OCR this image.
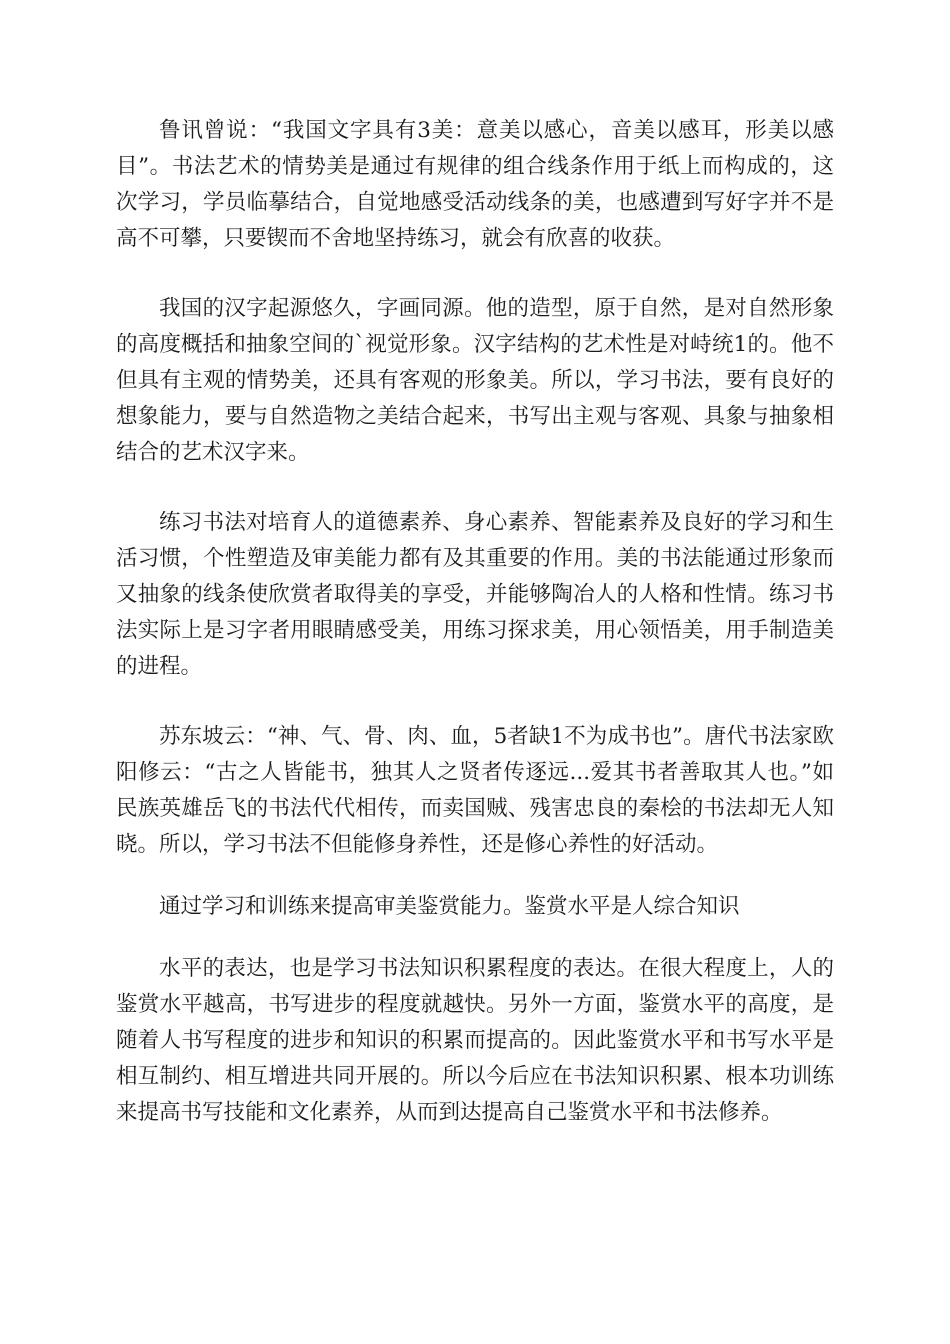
鲁讯曾说：“我国文字具有3美：意美以感心，音美以感耳，形美以感目”。书法艺术的情势美是通过有规律的组合线条作用于纸上而构成的，这次学习，学员临摹结合，自觉地感受活动线条的美，也感遭到写好字并不是高不可攀，只要锲而不舍地坚持练习，就会有欣喜的收获。

我国的汉字起源悠久，字画同源。他的造型，原于自然，是对自然形象的高度概括和抽象空间的`视觉形象。汉字结构的艺术性是对峙统1的。他不但具有主观的情势美，还具有客观的形象美。所以，学习书法，要有良好的想象能力，要与自然造物之美结合起来，书写出主观与客观、具象与抽象相结合的艺术汉字来。

练习书法对培育人的道德素养、身心素养、智能素养及良好的学习和生活习惯，个性塑造及审美能力都有及其重要的作用。美的书法能通过形象而又抽象的线条使欣赏者取得美的享受，并能够陶冶人的人格和性情。练习书法实际上是习字者用眼睛感受美，用练习探求美，用心领悟美，用手制造美的进程。

苏东坡云：“神、气、骨、肉、血，5者缺1不为成书也”。唐代书法家欧阳修云：“古之人皆能书，独其人之贤者传逐远...爱其书者善取其人也。”如民族英雄岳飞的书法代代相传，而卖国贼、残害忠良的秦桧的书法却无人知晓。所以，学习书法不但能修身养性，还是修心养性的好活动。

通过学习和训练来提高审美鉴赏能力。鉴赏水平是人综合知识

水平的表达，也是学习书法知识积累程度的表达。在很大程度上，人的鉴赏水平越高，书写进步的程度就越快。另外一方面，鉴赏水平的高度，是随着人书写程度的进步和知识的积累而提高的。因此鉴赏水平和书写水平是相互制约、相互增进共同开展的。所以今后应在书法知识积累、根本功训练来提高书写技能和文化素养，从而到达提高自己鉴赏水平和书法修养。
